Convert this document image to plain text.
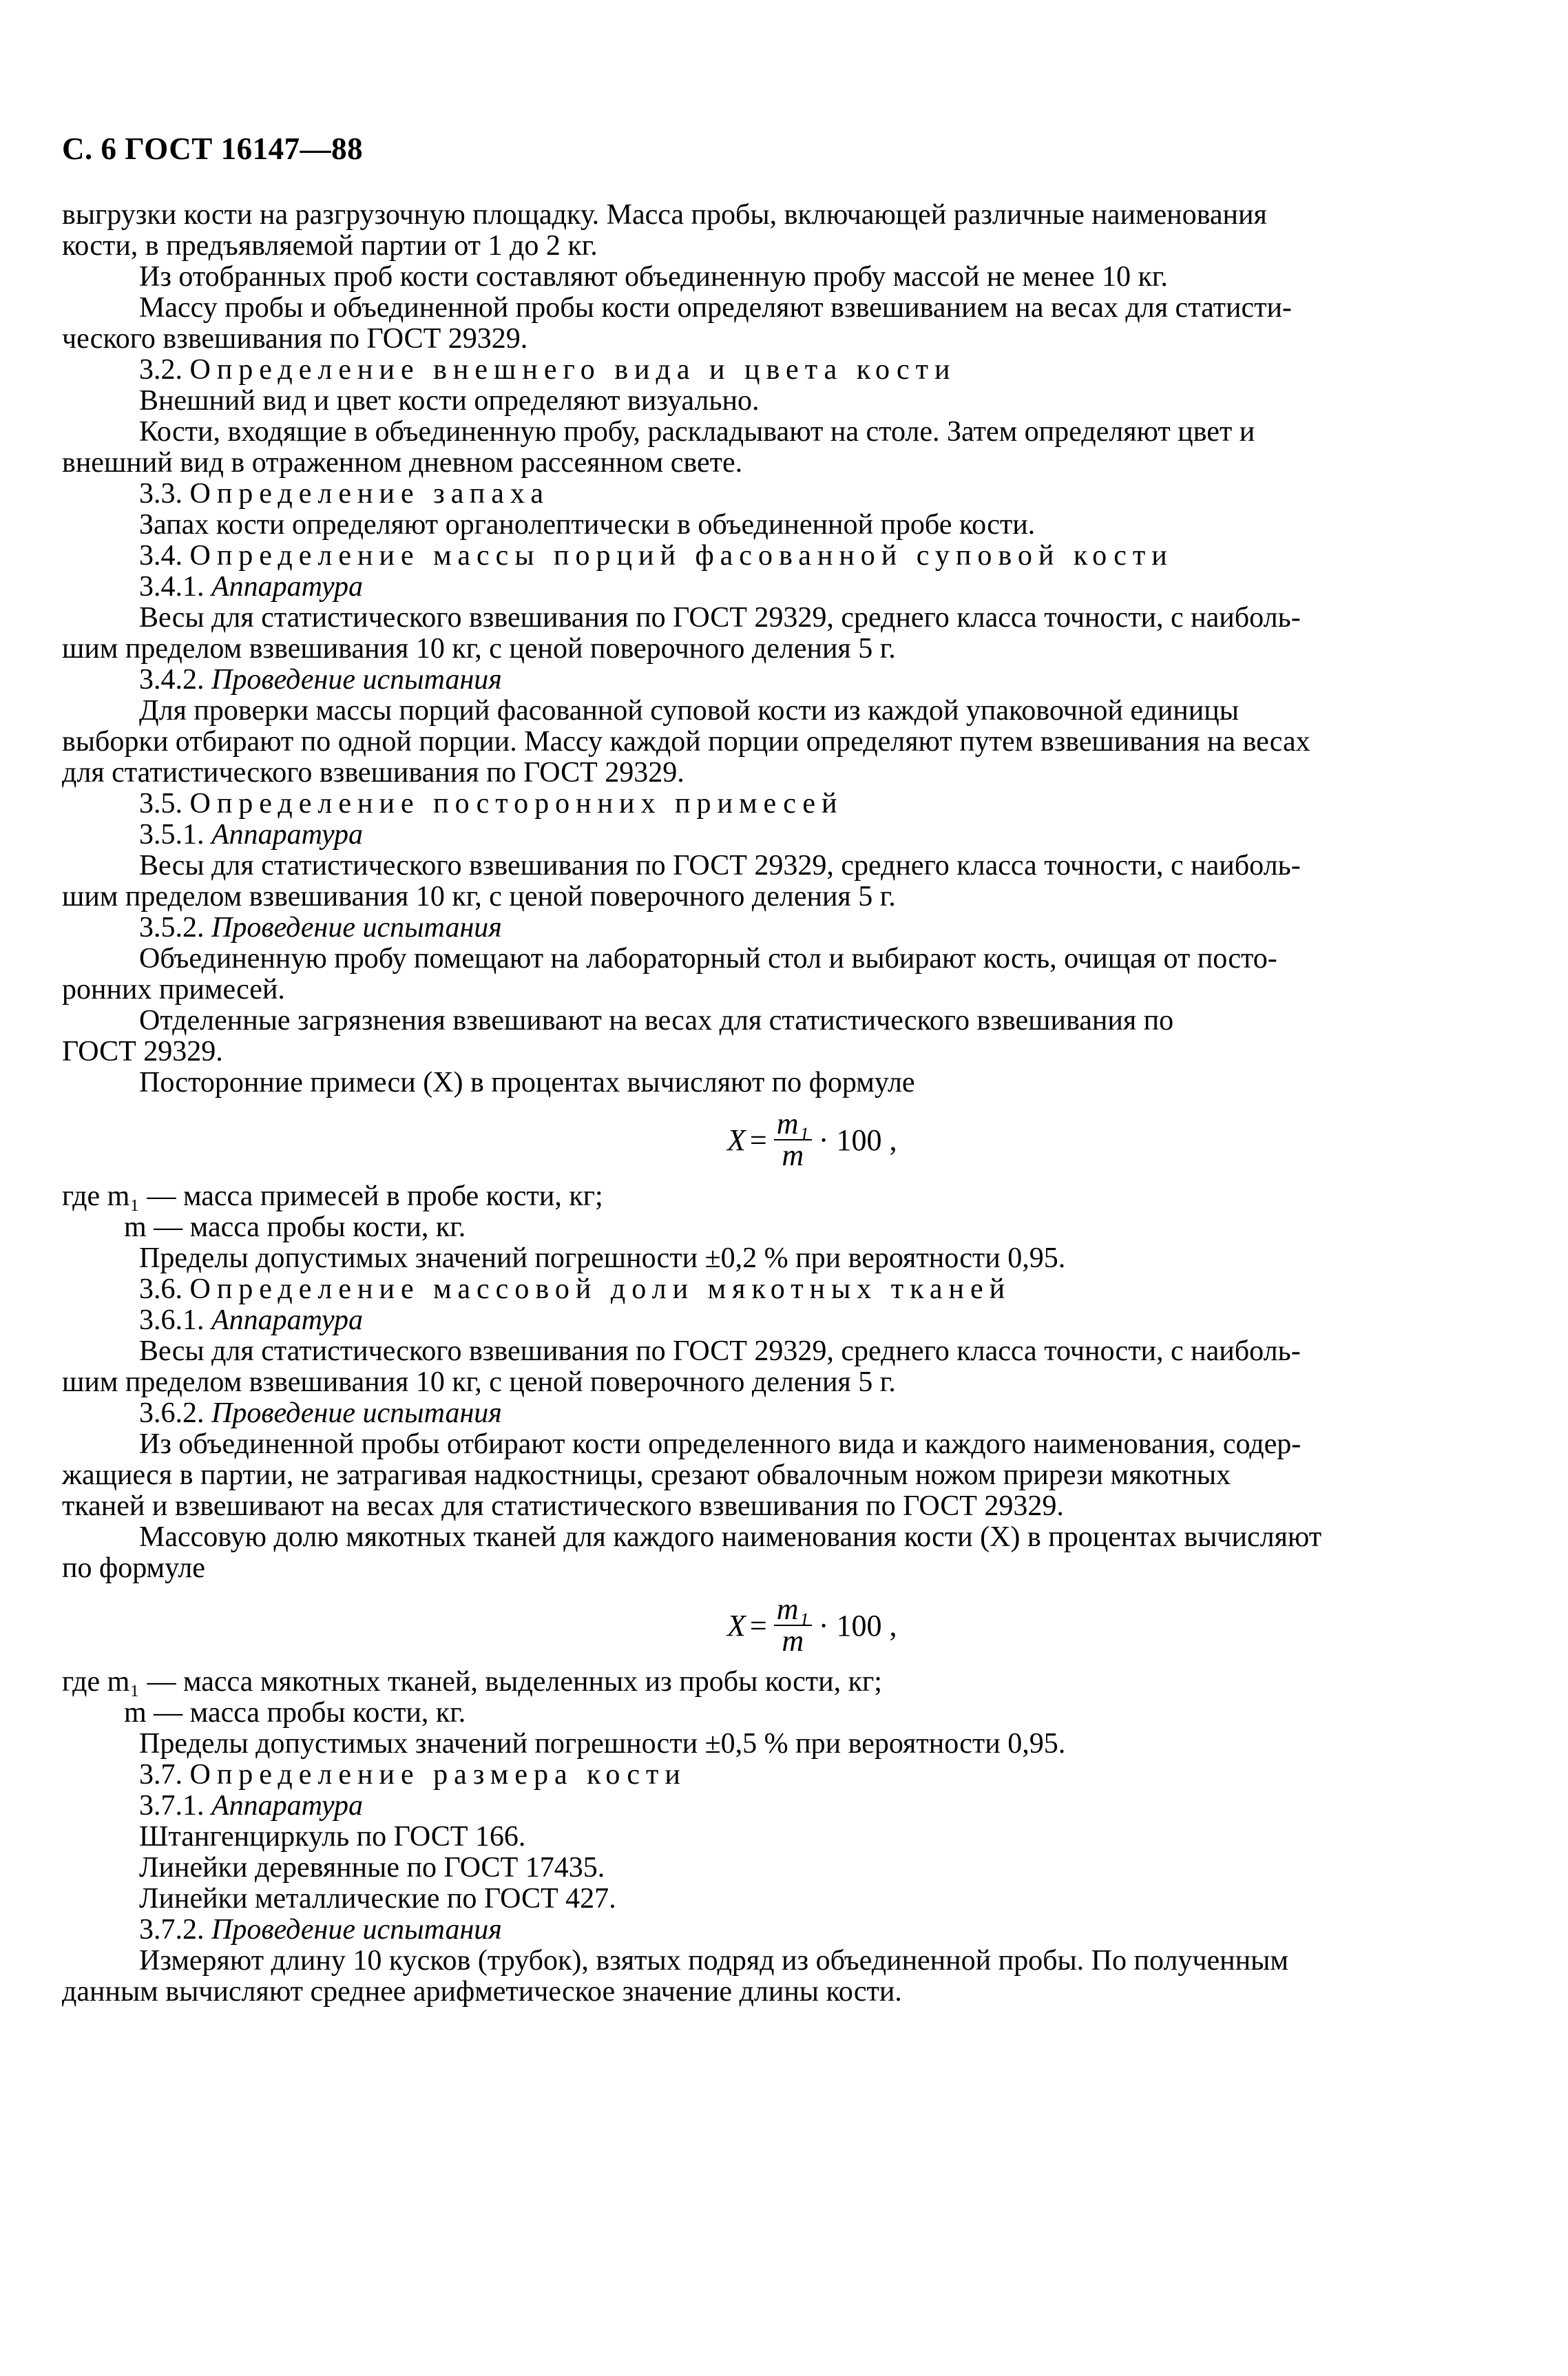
С. 6 ГОСТ 16147—88

выгрузки кости на разгрузочную площадку. Масса пробы, включающей различные наименования
кости, в предъявляемой партии от 1 до 2 кг.

Из отобранных проб кости составляют объединенную пробу массой не менее 10 кг.

Массу пробы и объединенной пробы кости определяют взвешиванием на весах для статисти-
ческого взвешивания по ГОСТ 29329.

3.2. Определение внешнего вида и цвета кости

Внешний вид и цвет кости определяют визуально.

Кости, входящие в объединенную пробу, раскладывают на столе. Затем определяют цвет и
внешний вид в отраженном дневном рассеянном свете.

3.3. Определение запаха

Запах кости определяют органолептически в объединенной пробе кости.

3.4. Определение массы порций фасованной суповой кости

3.4.1. Аппаратура

Весы для статистического взвешивания по ГОСТ 29329, среднего класса точности, с наиболь-
шим пределом взвешивания 10 кг, с ценой поверочного деления 5 г.

3.4.2. Проведение испытания

Для проверки массы порций фасованной суповой кости из каждой упаковочной единицы
выборки отбирают по одной порции. Массу каждой порции определяют путем взвешивания на весах
для статистического взвешивания по ГОСТ 29329.

3.5. Определение посторонних примесей

3.5.1. Аппаратура

Весы для статистического взвешивания по ГОСТ 29329, среднего класса точности, с наиболь-
шим пределом взвешивания 10 кг, с ценой поверочного деления 5 г.

3.5.2. Проведение испытания

Объединенную пробу помещают на лабораторный стол и выбирают кость, очищая от посто-
ронних примесей.

Отделенные загрязнения взвешивают на весах для статистического взвешивания по
ГОСТ 29329.

Посторонние примеси (X) в процентах вычисляют по формуле

$X = \frac{\text{m₁}}{m} \cdot 100$ ,

где m₁ — масса примесей в пробе кости, кг;

m — масса пробы кости, кг.

Пределы допустимых значений погрешности ±0,2 % при вероятности 0,95.

3.6. Определение массовой доли мякотных тканей

3.6.1. Аппаратура

Весы для статистического взвешивания по ГОСТ 29329, среднего класса точности, с наиболь-
шим пределом взвешивания 10 кг, с ценой поверочного деления 5 г.

3.6.2. Проведение испытания

Из объединенной пробы отбирают кости определенного вида и каждого наименования, содер-
жащиеся в партии, не затрагивая надкостницы, срезают обвалочным ножом прирези мякотных
тканей и взвешивают на весах для статистического взвешивания по ГОСТ 29329.

Массовую долю мякотных тканей для каждого наименования кости (X) в процентах вычисляют
по формуле

$X = \frac{\text{m₁}}{m} \cdot 100$ ,

где m₁ — масса мякотных тканей, выделенных из пробы кости, кг;

m — масса пробы кости, кг.

Пределы допустимых значений погрешности ±0,5 % при вероятности 0,95.

3.7. Определение размера кости

3.7.1. Аппаратура

Штангенциркуль по ГОСТ 166.

Линейки деревянные по ГОСТ 17435.

Линейки металлические по ГОСТ 427.

3.7.2. Проведение испытания

Измеряют длину 10 кусков (трубок), взятых подряд из объединенной пробы. По полученным
данным вычисляют среднее арифметическое значение длины кости.
